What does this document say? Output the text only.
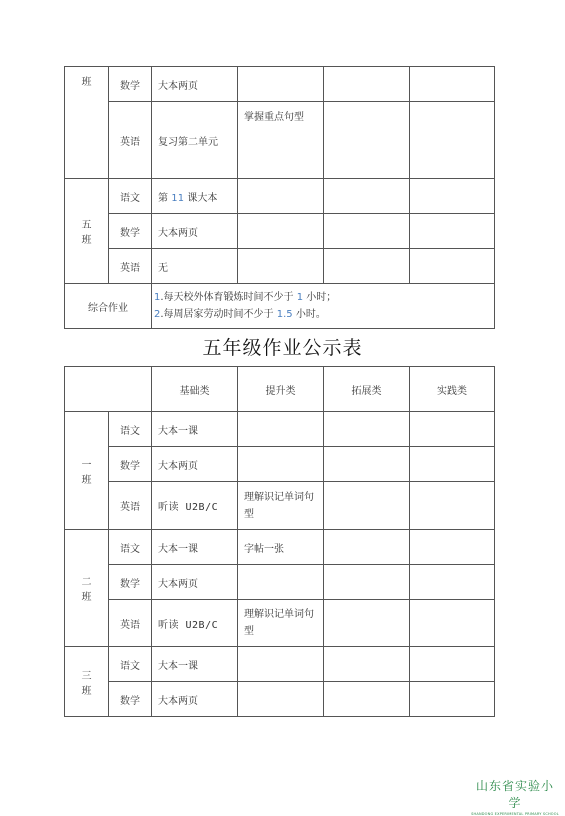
班	数学	大本两页			
	英语	复习第二单元	掌握重点句型		

五
班	语文	第 11 课大本			
	数学	大本两页			
	英语	无			
综合作业		1.每天校外体育锻炼时间不少于 1 小时；
2.每周居家劳动时间不少于 1.5 小时。			
五年级作业公示表
		基础类	提升类	拓展类	实践类

一
班	语文	大本一课			
	数学	大本两页			
	英语	听读 U2B/C	理解识记单词句
型		

二
班	语文	大本一课	字帖一张		
	数学	大本两页			
	英语	听读 U2B/C	理解识记单词句
型		

三
班	语文	大本一课			
	数学	大本两页			
山东省实验小学
SHANDONG EXPERIMENTAL PRIMARY SCHOOL
